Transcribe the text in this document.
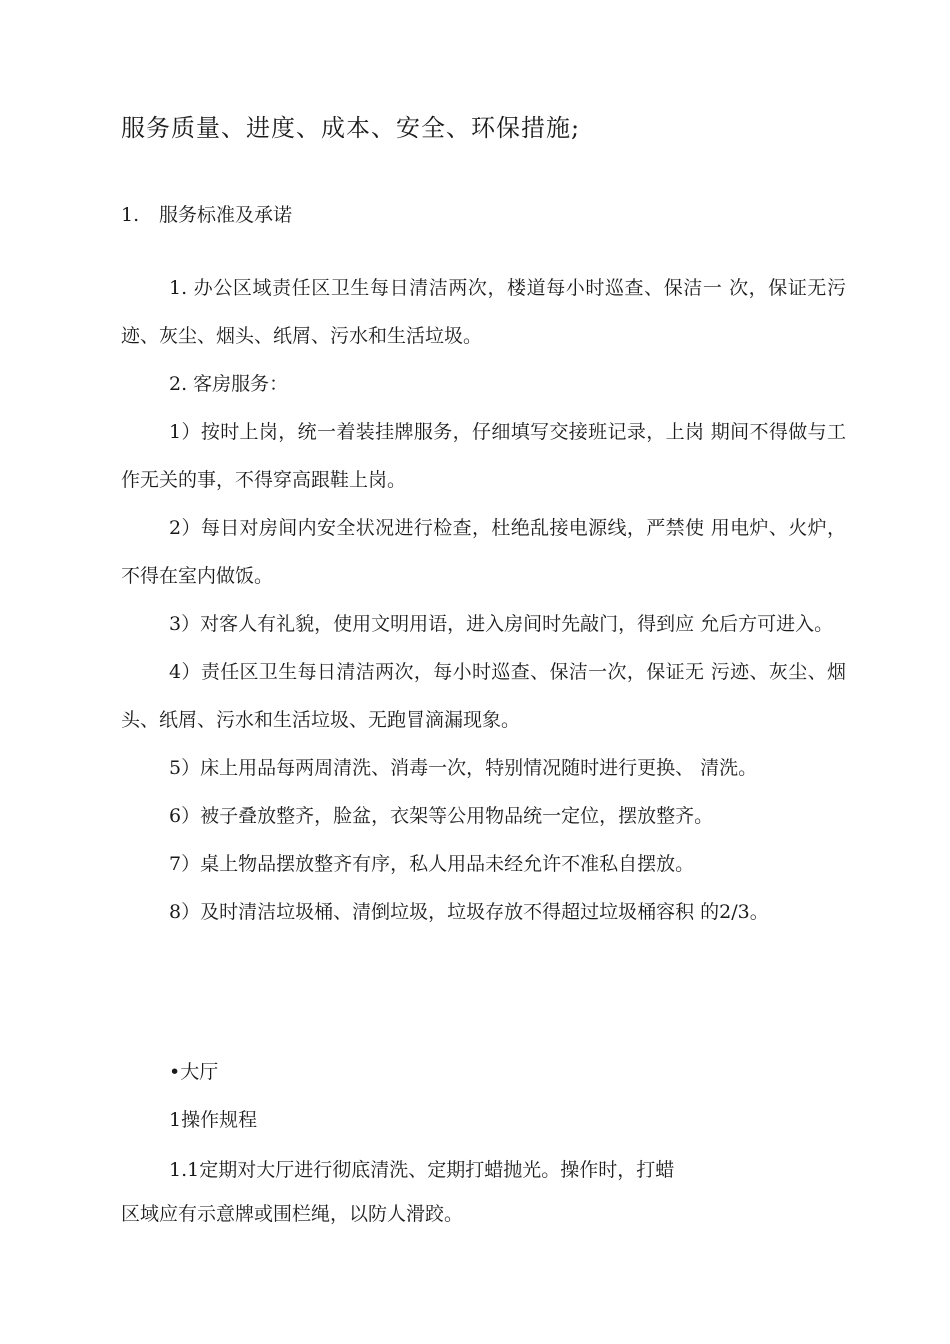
服务质量、进度、成本、安全、环保措施;
1. 服务标准及承诺

1. 办公区域责任区卫生每日清洁两次，楼道每小时巡查、保洁一 次，保证无污迹、灰尘、烟头、纸屑、污水和生活垃圾。

2. 客房服务：

1）按时上岗，统一着装挂牌服务，仔细填写交接班记录，上岗 期间不得做与工作无关的事，不得穿高跟鞋上岗。

2）每日对房间内安全状况进行检查，杜绝乱接电源线，严禁使 用电炉、火炉，不得在室内做饭。

3）对客人有礼貌，使用文明用语，进入房间时先敲门，得到应 允后方可进入。

4）责任区卫生每日清洁两次，每小时巡查、保洁一次，保证无 污迹、灰尘、烟头、纸屑、污水和生活垃圾、无跑冒滴漏现象。

5）床上用品每两周清洗、消毒一次，特别情况随时进行更换、 清洗。

6）被子叠放整齐，脸盆，衣架等公用物品统一定位，摆放整齐。

7）桌上物品摆放整齐有序，私人用品未经允许不准私自摆放。

8）及时清洁垃圾桶、清倒垃圾，垃圾存放不得超过垃圾桶容积 的2/3。

•大厅
1操作规程
1.1定期对大厅进行彻底清洗、定期打蜡抛光。操作时，打蜡
区域应有示意牌或围栏绳，以防人滑跤。
